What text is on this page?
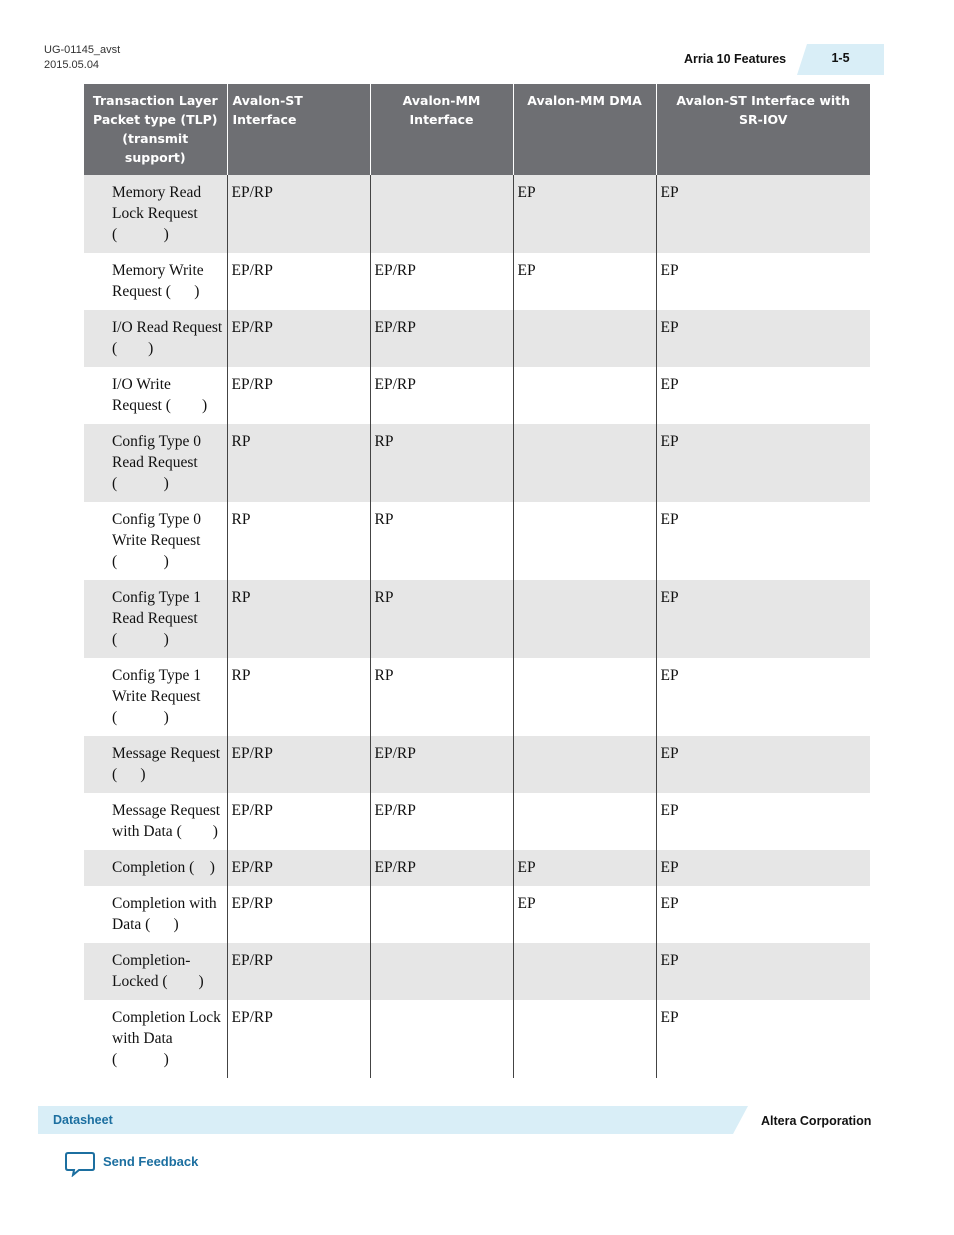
UG-01145_avst
2015.05.04	Arria 10 Features	1-5
Transaction Layer Packet type (TLP) (transmit support)	Avalon-ST Interface	Avalon-MM Interface	Avalon-MM DMA	Avalon-ST Interface with SR-IOV
Memory Read Lock Request (   )	EP/RP		EP	EP
Memory Write Request (  )	EP/RP	EP/RP	EP	EP
I/O Read Request (  )	EP/RP	EP/RP		EP
I/O Write Request (  )	EP/RP	EP/RP		EP
Config Type 0 Read Request (   )	RP	RP		EP
Config Type 0 Write Request (   )	RP	RP		EP
Config Type 1 Read Request (   )	RP	RP		EP
Config Type 1 Write Request (   )	RP	RP		EP
Message Request (  )	EP/RP	EP/RP		EP
Message Request with Data (  )	EP/RP	EP/RP		EP
Completion ( )	EP/RP	EP/RP	EP	EP
Completion with Data (  )	EP/RP		EP	EP
Completion-Locked (  )	EP/RP			EP
Completion Lock with Data (   )	EP/RP			EP
Datasheet	Altera Corporation
Send Feedback
